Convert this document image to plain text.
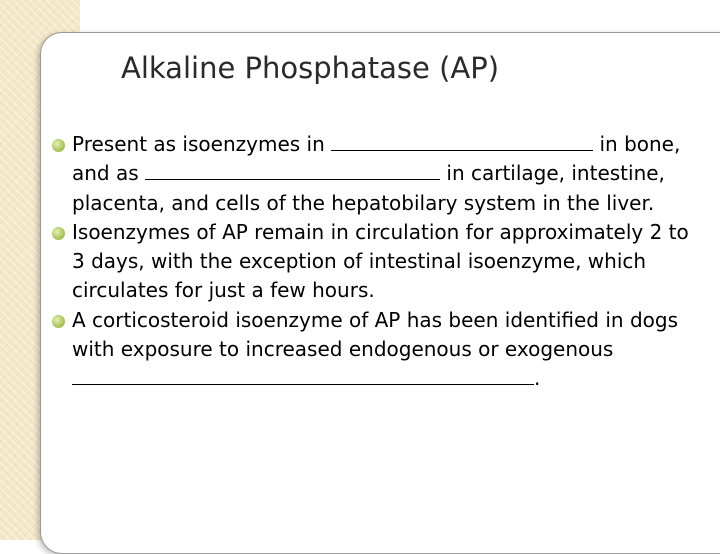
Alkaline Phosphatase (AP)
Present as isoenzymes in	in bone, and as	in cartilage, intestine, placenta, and cells of the hepatobilary system in the liver.
Isoenzymes of AP remain in circulation for approximately 2 to 3 days, with the exception of intestinal isoenzyme, which circulates for just a few hours.
A corticosteroid isoenzyme of AP has been identified in dogs with exposure to increased endogenous or exogenous .
